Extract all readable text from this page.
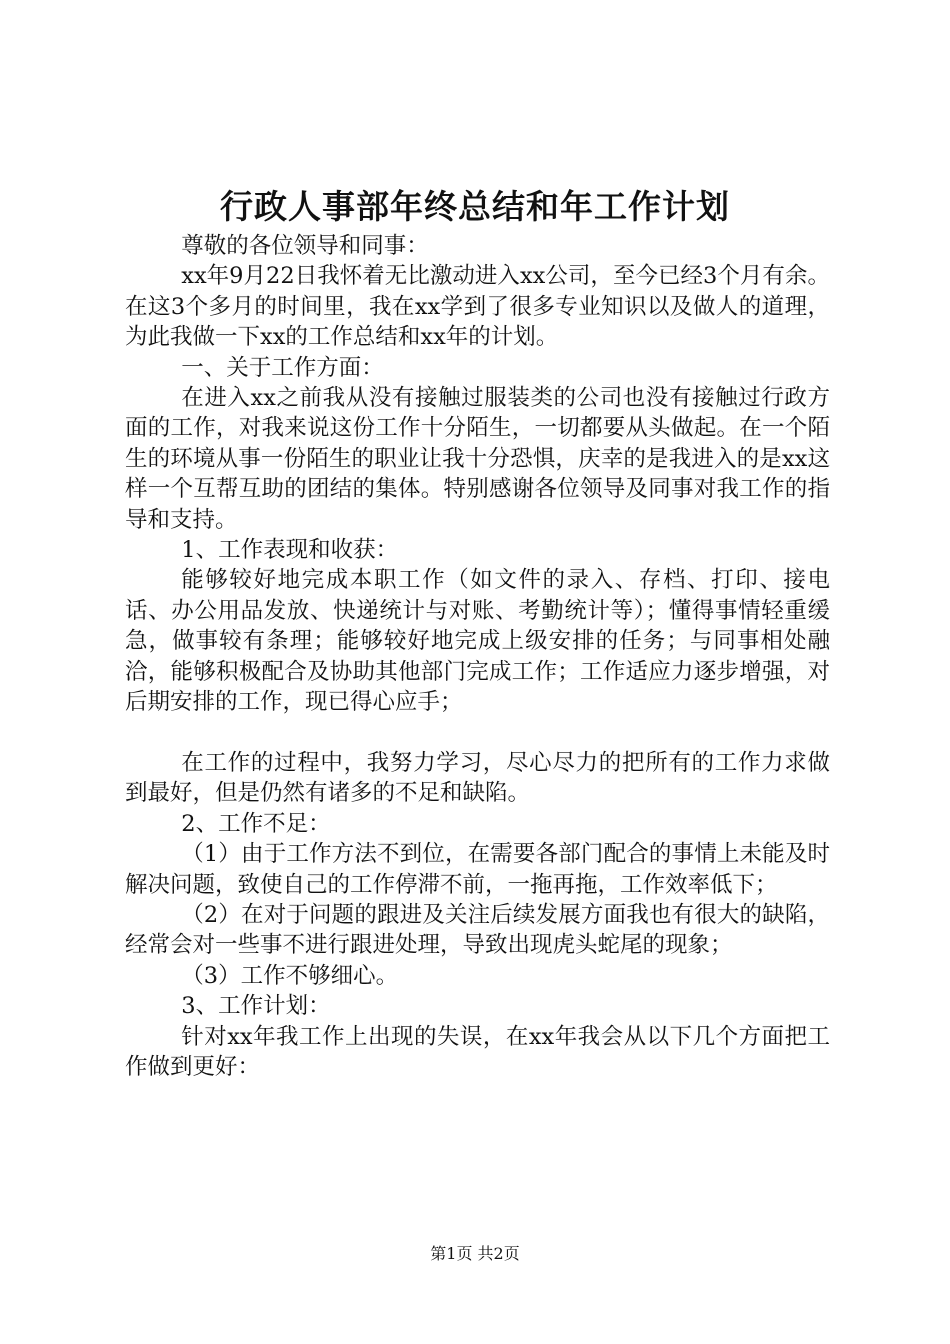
行政人事部年终总结和年工作计划

尊敬的各位领导和同事：

xx年9月22日我怀着无比激动进入xx公司，至今已经3个月有余。在这3个多月的时间里，我在xx学到了很多专业知识以及做人的道理，为此我做一下xx的工作总结和xx年的计划。

一、关于工作方面：

在进入xx之前我从没有接触过服装类的公司也没有接触过行政方面的工作，对我来说这份工作十分陌生，一切都要从头做起。在一个陌生的环境从事一份陌生的职业让我十分恐惧，庆幸的是我进入的是xx这样一个互帮互助的团结的集体。特别感谢各位领导及同事对我工作的指导和支持。

1、工作表现和收获：

能够较好地完成本职工作（如文件的录入、存档、打印、接电话、办公用品发放、快递统计与对账、考勤统计等）；懂得事情轻重缓急，做事较有条理；能够较好地完成上级安排的任务；与同事相处融洽，能够积极配合及协助其他部门完成工作；工作适应力逐步增强，对后期安排的工作，现已得心应手；

在工作的过程中，我努力学习，尽心尽力的把所有的工作力求做到最好，但是仍然有诸多的不足和缺陷。

2、工作不足：

（1）由于工作方法不到位，在需要各部门配合的事情上未能及时解决问题，致使自己的工作停滞不前，一拖再拖，工作效率低下；

（2）在对于问题的跟进及关注后续发展方面我也有很大的缺陷，经常会对一些事不进行跟进处理，导致出现虎头蛇尾的现象；

（3）工作不够细心。

3、工作计划：

针对xx年我工作上出现的失误，在xx年我会从以下几个方面把工作做到更好：

第1页 共2页
